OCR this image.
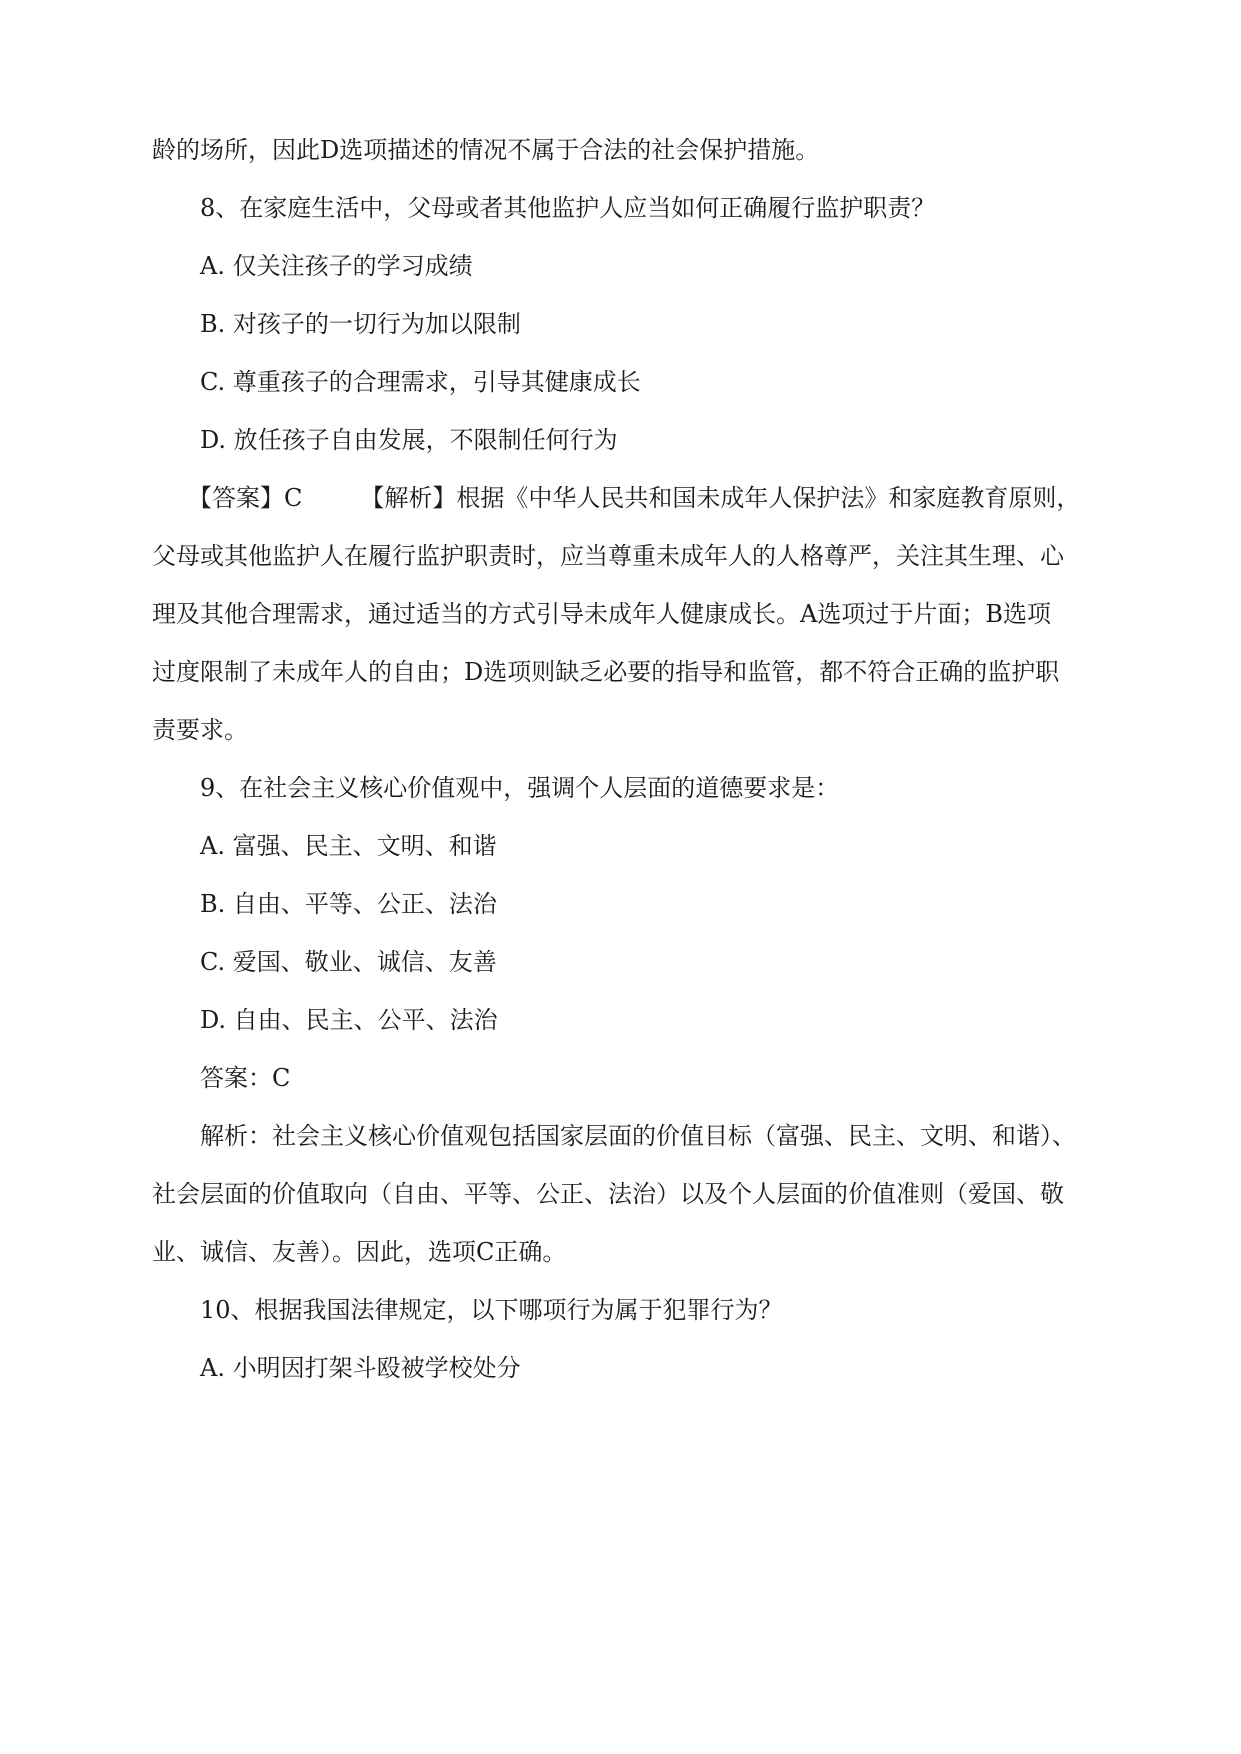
龄的场所，因此D选项描述的情况不属于合法的社会保护措施。
8、在家庭生活中，父母或者其他监护人应当如何正确履行监护职责？
A. 仅关注孩子的学习成绩
B. 对孩子的一切行为加以限制
C. 尊重孩子的合理需求，引导其健康成长
D. 放任孩子自由发展，不限制任何行为
【答案】C 【解析】根据《中华人民共和国未成年人保护法》和家庭教育原则，
父母或其他监护人在履行监护职责时，应当尊重未成年人的人格尊严，关注其生理、心
理及其他合理需求，通过适当的方式引导未成年人健康成长。A选项过于片面；B选项
过度限制了未成年人的自由；D选项则缺乏必要的指导和监管，都不符合正确的监护职
责要求。
9、在社会主义核心价值观中，强调个人层面的道德要求是：
A. 富强、民主、文明、和谐
B. 自由、平等、公正、法治
C. 爱国、敬业、诚信、友善
D. 自由、民主、公平、法治
答案：C
解析：社会主义核心价值观包括国家层面的价值目标（富强、民主、文明、和谐）、
社会层面的价值取向（自由、平等、公正、法治）以及个人层面的价值准则（爱国、敬
业、诚信、友善）。因此，选项C正确。
10、根据我国法律规定，以下哪项行为属于犯罪行为？
A. 小明因打架斗殴被学校处分
